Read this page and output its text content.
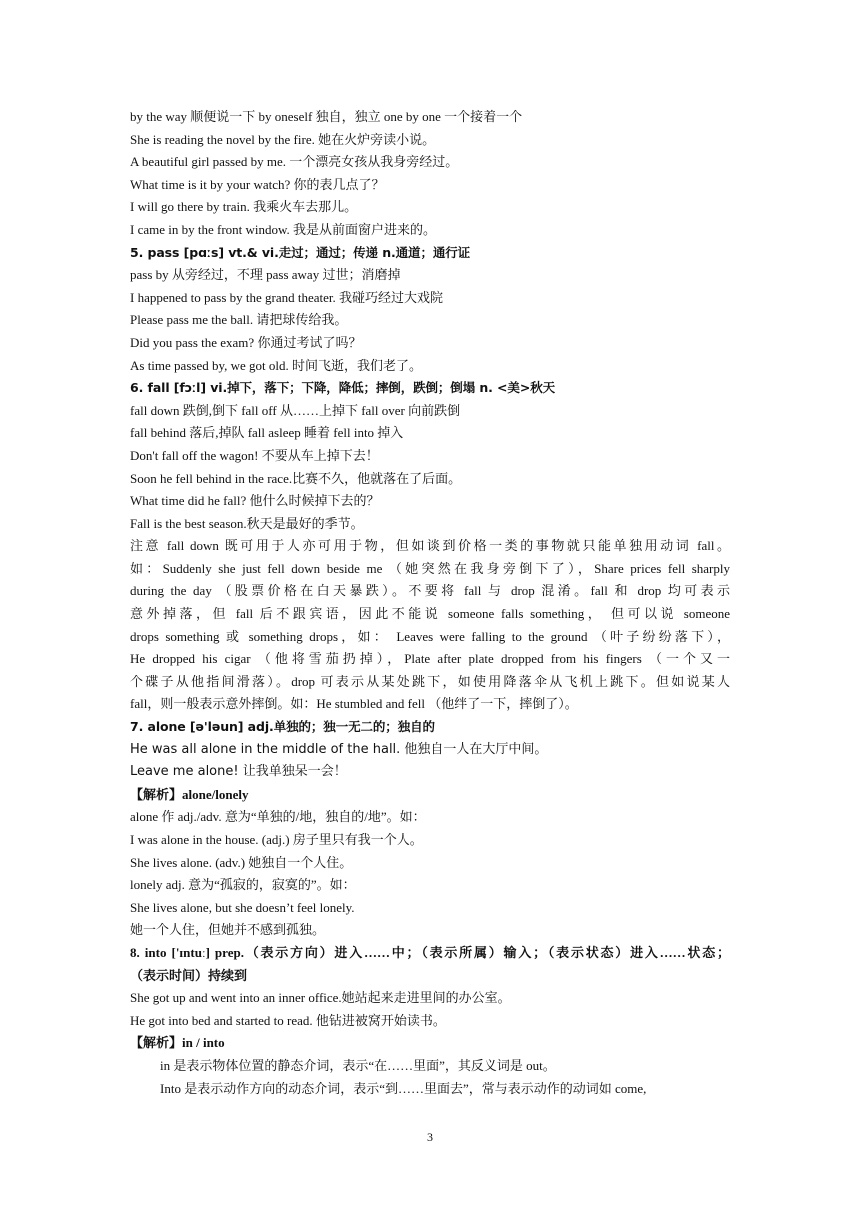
by the way 顺便说一下 by oneself 独自，独立 one by one 一个接着一个
She is reading the novel by the fire. 她在火炉旁读小说。
A beautiful girl passed by me. 一个漂亮女孩从我身旁经过。
What time is it by your watch? 你的表几点了？
I will go there by train. 我乘火车去那儿。
I came in by the front window. 我是从前面窗户进来的。
5. pass [pɑːs] vt.& vi.走过；通过；传递 n.通道；通行证
pass by 从旁经过，不理 pass away 过世；消磨掉
I happened to pass by the grand theater. 我碰巧经过大戏院
Please pass me the ball. 请把球传给我。
Did you pass the exam? 你通过考试了吗？
As time passed by, we got old. 时间飞逝，我们老了。
6. fall [fɔːl] vi.掉下，落下；下降，降低；摔倒，跌倒；倒塌 n. <美>秋天
fall down 跌倒,倒下 fall off 从……上掉下 fall over 向前跌倒
fall behind 落后,掉队 fall asleep 睡着 fell into 掉入
Don't fall off the wagon! 不要从车上掉下去！
Soon he fell behind in the race.比赛不久，他就落在了后面。
What time did he fall? 他什么时候掉下去的？
Fall is the best season.秋天是最好的季节。
注意 fall down 既可用于人亦可用于物，但如谈到价格一类的事物就只能单独用动词 fall。
如：Suddenly she just fell down beside me （她突然在我身旁倒下了），Share prices fell sharply
during the day （股票价格在白天暴跌）。不要将 fall 与 drop 混淆。fall 和 drop 均可表示
意外掉落，但 fall 后不跟宾语，因此不能说 someone falls something， 但可以说 someone
drops something 或 something drops，如： Leaves were falling to the ground （叶子纷纷落下），
He dropped his cigar （他将雪茄扔掉），Plate after plate dropped from his fingers （一个又一
个碟子从他指间滑落）。drop 可表示从某处跳下，如使用降落伞从飞机上跳下。但如说某人
fall，则一般表示意外摔倒。如：He stumbled and fell （他绊了一下，摔倒了）。
7. alone [ə'ləun] adj.单独的；独一无二的；独自的
He was all alone in the middle of the hall. 他独自一人在大厅中间。
Leave me alone! 让我单独呆一会！
【解析】alone/lonely
alone 作 adj./adv. 意为“单独的/地，独自的/地”。如：
I was alone in the house. (adj.) 房子里只有我一个人。
She lives alone. (adv.) 她独自一个人住。
lonely adj. 意为“孤寂的，寂寞的”。如：
She lives alone, but she doesn’t feel lonely.
她一个人住，但她并不感到孤独。
8. into ['ɪntuː] prep.（表示方向）进入……中；（表示所属）输入；（表示状态）进入……状态；
（表示时间）持续到
She got up and went into an inner office.她站起来走进里间的办公室。
He got into bed and started to read. 他钻进被窝开始读书。
【解析】in / into
in 是表示物体位置的静态介词，表示“在……里面”，其反义词是 out。
Into 是表示动作方向的动态介词，表示“到……里面去”，常与表示动作的动词如 come,
3
